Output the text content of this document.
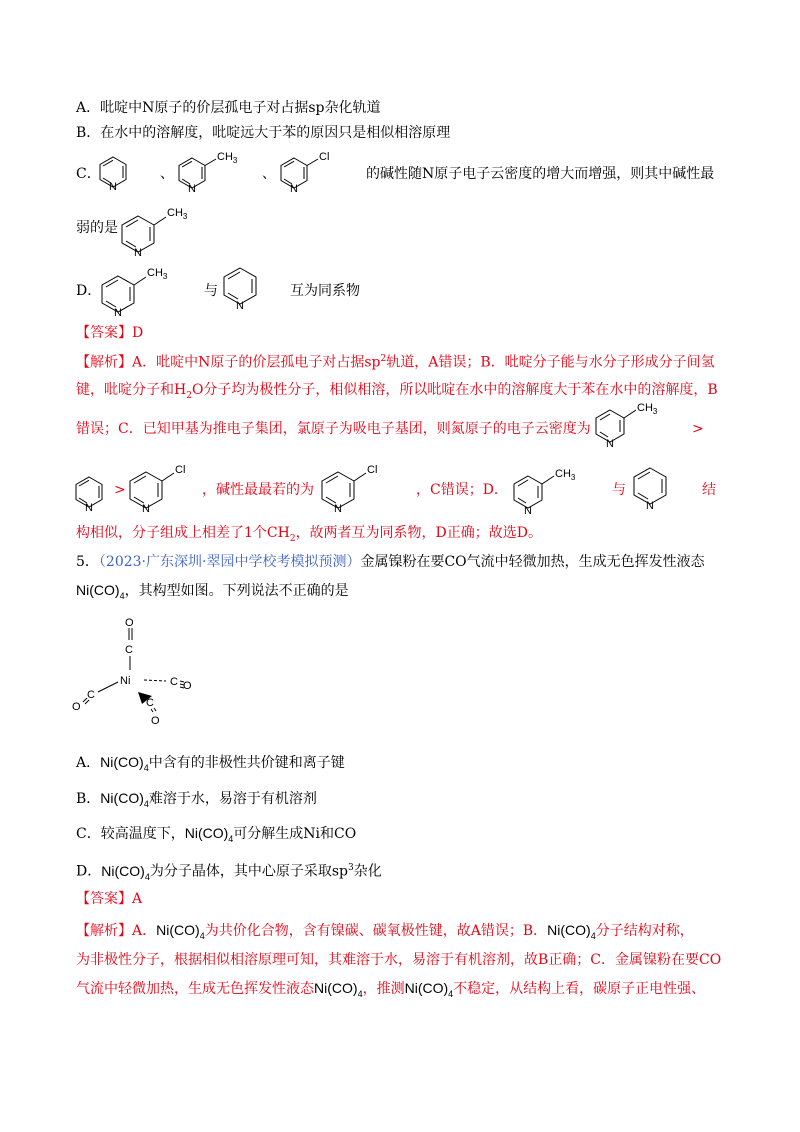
A．吡啶中N原子的价层孤电子对占据sp杂化轨道
B．在水中的溶解度，吡啶远大于苯的原因只是相似相溶原理
C．
N
、
$CH_3$
N
、
Cl
N
的碱性随N原子电子云密度的增大而增强，则其中碱性最
弱的是
$CH_3$
N
D．
$CH_3$
N
与
N
互为同系物
【答案】D
【解析】A．吡啶中N原子的价层孤电子对占据$sp^2$轨道，A错误；B．吡啶分子能与水分子形成分子间氢
键，吡啶分子和$H_2O$分子均为极性分子，相似相溶，所以吡啶在水中的溶解度大于苯在水中的溶解度，B
错误；C．已知甲基为推电子集团，氯原子为吸电子基团，则氮原子的电子云密度为
$CH_3$
N
>
N
>
Cl
N
，碱性最最若的为
Cl
N
，C错误；D．
$CH_3$
N
与
N
结
构相似，分子组成上相差了1个$CH_2$，故两者互为同系物，D正确；故选D。
5．（2023·广东深圳·翠园中学校考模拟预测）金属镍粉在要CO气流中轻微加热，生成无色挥发性液态
$Ni(CO)_4$，其构型如图。下列说法不正确的是
O
C
Ni	C O
C
O	C
O
A．$Ni(CO)_4$中含有的非极性共价键和离子键
B．$Ni(CO)_4$难溶于水，易溶于有机溶剂
C．较高温度下，$Ni(CO)_4$可分解生成Ni和CO
D．$Ni(CO)_4$为分子晶体，其中心原子采取$sp^3$杂化
【答案】A
【解析】A．$Ni(CO)_4$为共价化合物，含有镍碳、碳氧极性键，故A错误；B．$Ni(CO)_4$分子结构对称，
为非极性分子，根据相似相溶原理可知，其难溶于水，易溶于有机溶剂，故B正确；C．金属镍粉在要CO
气流中轻微加热，生成无色挥发性液态$Ni(CO)_4$，推测$Ni(CO)_4$不稳定，从结构上看，碳原子正电性强、
